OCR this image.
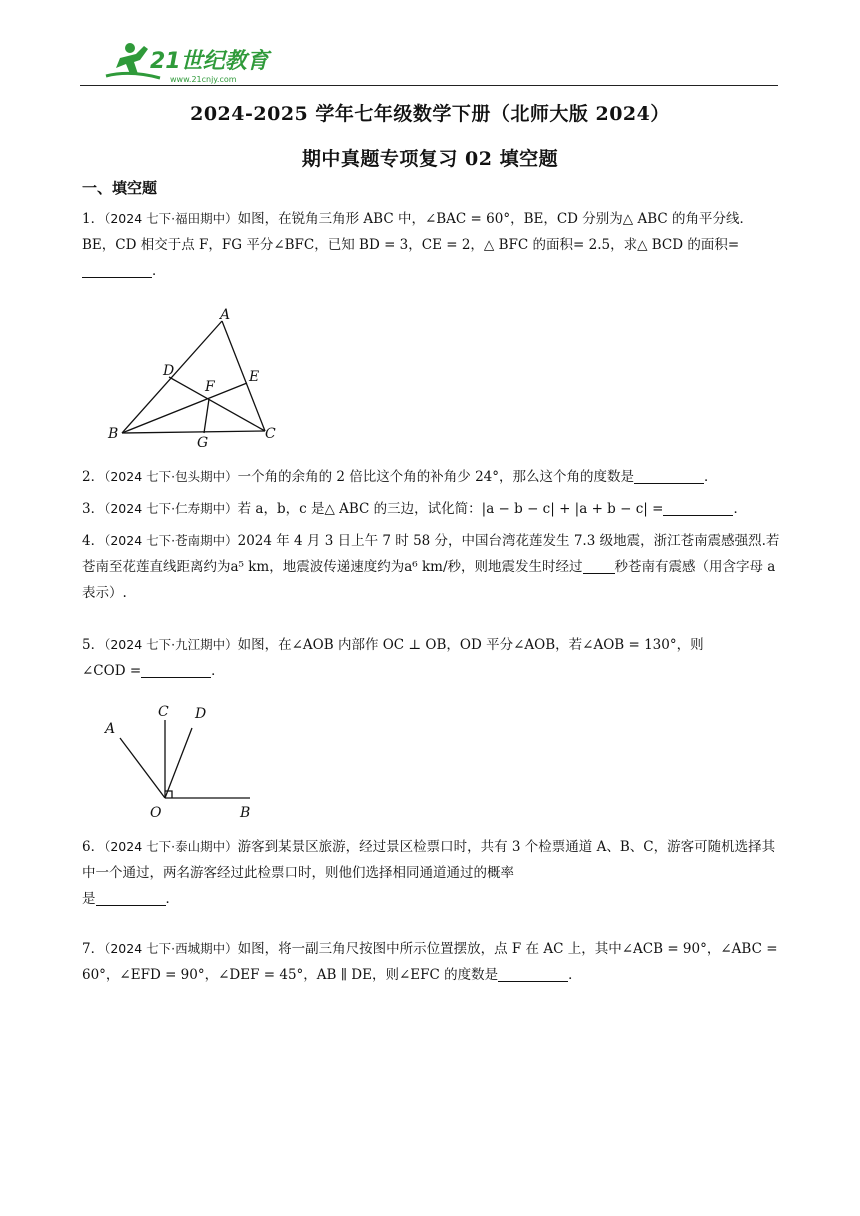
21世纪教育
www.21cnjy.com
2024-2025 学年七年级数学下册（北师大版 2024）
期中真题专项复习 02 填空题
一、填空题
1．（2024 七下·福田期中）如图，在锐角三角形 ABC 中，∠BAC = 60°，BE，CD 分别为△ ABC 的角平分线．BE，CD 相交于点 F，FG 平分∠BFC，已知 BD = 3，CE = 2，△ BFC 的面积= 2.5，求△ BCD 的面积=．
A
B	C
D	E
F
G
2．（2024 七下·包头期中）一个角的余角的 2 倍比这个角的补角少 24°，那么这个角的度数是	．
3．（2024 七下·仁寿期中）若 a，b，c 是△ ABC 的三边，试化简：|a − b − c| + |a + b − c| =	．
4．（2024 七下·苍南期中）2024 年 4 月 3 日上午 7 时 58 分，中国台湾花莲发生 7.3 级地震，浙江苍南震感强烈.若苍南至花莲直线距离约为a⁵ km，地震波传递速度约为a⁶ km/秒，则地震发生时经过 秒苍南有震感（用含字母 a 表示）.
5．（2024 七下·九江期中）如图，在∠AOB 内部作 OC ⊥ OB，OD 平分∠AOB，若∠AOB = 130°，则
∠COD =	．
A
C D
O	B
6．（2024 七下·泰山期中）游客到某景区旅游，经过景区检票口时，共有 3 个检票通道 A、B、C，游客可随机选择其中一个通过，两名游客经过此检票口时，则他们选择相同通道通过的概率
是	．
7．（2024 七下·西城期中）如图，将一副三角尺按图中所示位置摆放，点 F 在 AC 上，其中∠ACB = 90°，∠ABC = 60°，∠EFD = 90°，∠DEF = 45°，AB ∥ DE，则∠EFC 的度数是	．
